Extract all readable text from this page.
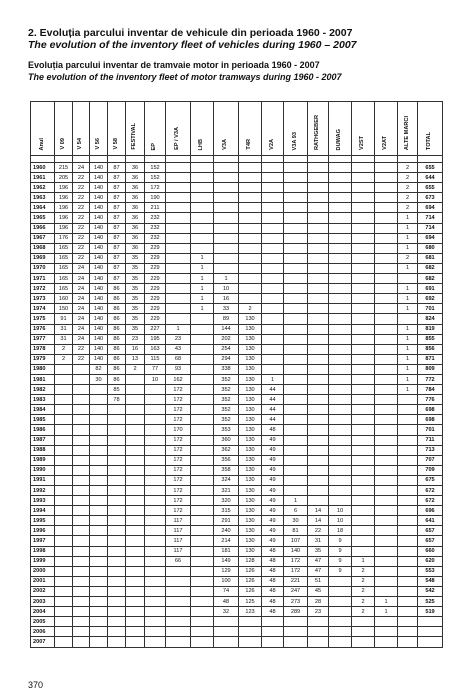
2. Evoluția parcului inventar de vehicule din perioada 1960 - 2007
The evolution of the inventory fleet of vehicles during 1960 – 2007
Evoluția parcului inventar de tramvaie motor in perioada 1960 - 2007
The evolution of the inventory fleet of motor tramways during 1960 - 2007
Anul	V 09	V 54	V 56	V 58	FESTIVAL	EP	EP / V3A	LHB	V3A	T4R	V2A	V3A 93	RATHGEBER	DUWAG	V2ST	V2AT	ALTE MARCI	TOTAL

1960	215	24	140	87	36	152											2	655
1961	205	22	140	87	36	152											2	644
1962	196	22	140	87	36	172											2	655
1963	196	22	140	87	36	190											2	673
1964	196	22	140	87	36	211											2	694
1965	196	22	140	87	36	232											1	714
1966	196	22	140	87	36	232											1	714
1967	176	22	140	87	36	232											1	694
1968	165	22	140	87	36	229											1	680
1969	165	22	140	87	35	229		1									2	681
1970	165	24	140	87	35	229		1									1	682
1971	165	24	140	87	35	229		1	1									682
1972	165	24	140	86	35	229		1	10								1	691
1973	160	24	140	86	35	229		1	16								1	692
1974	150	24	140	86	35	229		1	33	2							1	701
1975	91	24	140	86	35	229			89	130								824
1976	31	24	140	86	35	227	1		144	130							1	819
1977	31	24	140	86	23	195	23		202	130							1	855
1978	2	22	140	86	16	163	43		254	130							1	856
1979	2	22	140	86	13	115	68		294	130							1	871
1980			82	86	2	77	93		338	130							1	809
1981			30	86		10	162		352	130	1						1	772
1982				85			172		352	130	44						1	784
1983				78			172		352	130	44							776
1984							172		352	130	44							698
1985							172		352	130	44							698
1986							170		353	130	48							701
1987							172		360	130	49							711
1988							172		362	130	49							713
1989							172		356	130	49							707
1990							172		358	130	49							709
1991							172		324	130	49							675
1992							172		321	130	49							672
1993							172		320	130	49	1						672
1994							172		315	130	49	6	14	10				696
1995							117		291	130	49	30	14	10				641
1996							117		240	130	49	81	22	18				657
1997							117		214	130	49	107	31	9				657
1998							117		181	130	48	140	35	9				660
1999							66		149	128	48	172	47	9	1			620
2000									129	126	48	172	47	9	2			553
2001									100	126	48	221	51		2			548
2002									74	126	48	247	45		2			542
2003									48	125	48	273	28		2	1		525
2004									32	123	48	289	23		2	1		519
2005																		
2006																		
2007																		
370
